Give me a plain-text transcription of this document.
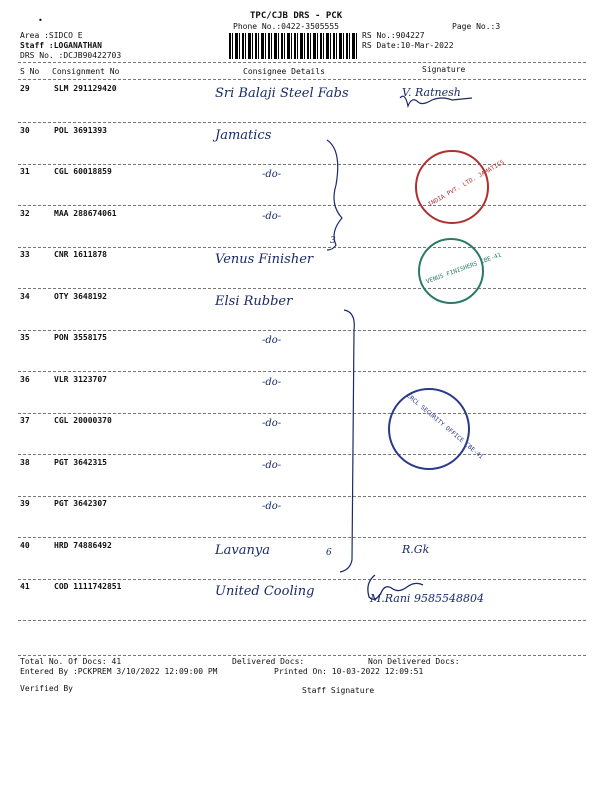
•	TPC/CJB DRS - PCK
Phone No.:0422-3505555	Page No.:3
Area :SIDCO E
Staff :LOGANATHAN
DRS No. :DCJB90422703
RS No.:904227
RS Date:10-Mar-2022
S No Consignment No	Consignee Details	Signature
29	SLM 291129420	Sri Balaji Steel Fabs	V. Ratnesh
30	POL 3691393	Jamatics
31	CGL 60018859	-do-
32	MAA 288674061	-do-
33	CNR 1611878	Venus Finisher
34	OTY 3648192	Elsi Rubber
35	PON 3558175	-do-
36	VLR 3123707	-do-
37	CGL 20000370	-do-
38	PGT 3642315	-do-
39	PGT 3642307	-do-
40	HRD 74886492	Lavanya	R.Gk
41	COD 1111742851	United Cooling	M.Rani 9585548804
3
6
INDIA PVT. LTD. JAMATICS
VENUS FINISHERS CBE-41
ERCL SECURITY OFFICE CBE-41
Total No. Of Docs: 41	Delivered Docs:	Non Delivered Docs:
Entered By :PCKPREM 3/10/2022 12:09:00 PM	Printed On: 10-03-2022 12:09:51
Verified By	Staff Signature
